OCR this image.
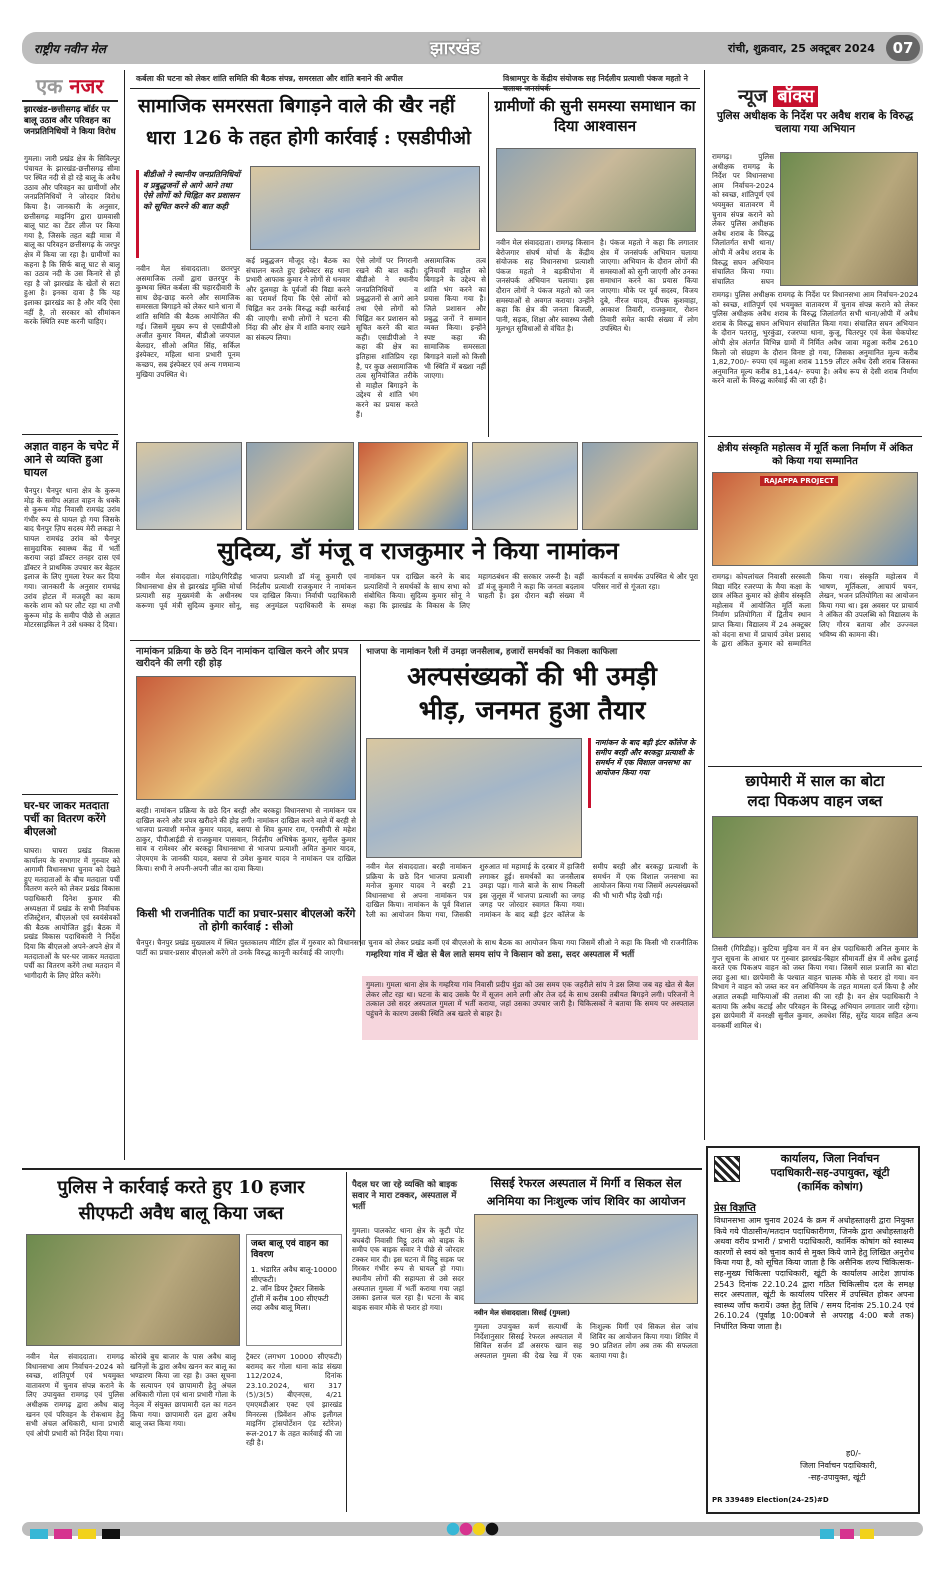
राष्ट्रीय नवीन मेल	झारखंड	रांची, शुक्रवार, 25 अक्टूबर 2024	07
एक नजर
झारखंड-छत्तीसगढ़ बॉर्डर पर बालू उठाव और परिवहन का जनप्रतिनिधियों ने किया विरोध
गुमला। जारी प्रखंड क्षेत्र के सिविल्पुर पंचायत के झारखंड-छत्तीसगढ़ सीमा पर स्थित नदी से हो रहे बालू के अवैध उठाव और परिवहन का ग्रामीणों और जनप्रतिनिधियों ने जोरदार विरोध किया है। जानकारी के अनुसार, छत्तीसगढ़ माइनिंग द्वारा ग्रामवासी बालू घाट का टेंडर लीज पर किया गया है, जिसके तहत बड़ी मात्रा में बालू का परिवहन छत्तीसगढ़ के जरपुर क्षेत्र में किया जा रहा है। ग्रामीणों का कहना है कि सिर्फ बालू घाट से बालू का उठाव नदी के उस किनारे से हो रहा है जो झारखंड के खेतों से सटा हुआ है। इनका दावा है कि यह इलाका झारखंड का है और यदि ऐसा नहीं है, तो सरकार को सीमांकन करके स्थिति स्पष्ट करनी चाहिए।
अज्ञात वाहन के चपेट में आने से व्यक्ति हुआ घायल
चैनपुर। चैनपुर थाना क्षेत्र के कुरूम मोड़ के समीप अज्ञात वाहन के धक्के से कुरूम मोड़ निवासी रामचंद्र उरांव गंभीर रूप से घायल हो गया जिसके बाद चैनपुर ज़िप सदस्य मेरी लकड़ा ने घायल रामचंद्र उरांव को चैनपुर सामुदायिक स्वास्थ्य केंद्र में भर्ती कराया जहां डॉक्टर तनहर दास एवं डॉक्टर ने प्राथमिक उपचार कर बेहतर इलाज के लिए गुमला रेफर कर दिया गया। जानकारी के अनुसार रामचंद्र उरांव होटल में मजदूरी का काम करके शाम को घर लौट रहा था तभी कुरूम मोड़ के समीप पीछे से अज्ञात मोटरसाइकिल ने उसे धक्का दे दिया।
घर-घर जाकर मतदाता पर्ची का वितरण करेंगे बीएलओ
घाघरा। घाघरा प्रखंड विकास कार्यालय के सभागार में गुरुवार को आगामी विधानसभा चुनाव को देखते हुए मतदाताओं के बीच मतदाता पर्ची वितरण करने को लेकर प्रखंड विकास पदाधिकारी दिनेश कुमार की अध्यक्षता में प्रखंड के सभी निर्वाचक रजिस्ट्रेशन, बीएलओ एवं स्वयंसेवकों की बैठक आयोजित हुई। बैठक में प्रखंड विकास पदाधिकारी ने निर्देश दिया कि बीएलओ अपने-अपने क्षेत्र में मतदाताओं के घर-घर जाकर मतदाता पर्ची का वितरण करेंगे तथा मतदान में भागीदारी के लिए प्रेरित करेंगे।
कर्बला की घटना को लेकर शांति समिति की बैठक संपन्न, समरसता और शांति बनाने की अपील	विश्रामपुर के केंद्रीय संयोजक सह निर्दलीय प्रत्याशी पंकज महतो ने
सामाजिक समरसता बिगाड़ने वाले की खैर नहीं
धारा 126 के तहत होगी कार्रवाई : एसडीपीओ
बीडीओ ने स्थानीय जनप्रतिनिधियों व प्रबुद्धजनों से आगे आने तथा ऐसे लोगों को चिह्नित कर प्रशासन को सूचित करने की बात कही
नवीन मेल संवाददाता। छतरपुर असमाजिक तत्वों द्वारा छतरपुर के कुम्भवा स्थित कर्बला की चहारदीवारी के साथ छेड़-छाड़ करने और सामाजिक समरसता बिगाड़ने को लेकर थाने धाना में शांति समिति की बैठक आयोजित की गई। जिसमें मुख्य रूप से एसडीपीओ अजीत कुमार विमल, बीडीओ जयपाल बेलदार, सीओ अमित सिंह, सर्किल इंस्पेक्टर, महिला थाना प्रभारी पूनम कच्छप, सब इंस्पेक्टर एवं अन्य गणमान्य मुखिया उपस्थित थे।
कई प्रबुद्धजन मौजूद रहे। बैठक का संचालन करते हुए इंस्पेक्टर सह थाना प्रभारी आफाक कुमार ने लोगों से धनवार और दुलमहा के पूर्वजों की विद्या करने का परामर्श दिया कि ऐसे लोगों को चिह्नित कर उनके विरुद्ध कड़ी कार्रवाई की जाएगी। सभी लोगों ने घटना की निंदा की और क्षेत्र में शांति बनाए रखने का संकल्प लिया।
ऐसे लोगों पर निगरानी रखने की बात कही। बीडीओ ने स्थानीय जनप्रतिनिधियों व प्रबुद्धजनों से आगे आने तथा ऐसे लोगों को चिह्नित कर प्रशासन को सूचित करने की बात कही। एसडीपीओ ने कहा की क्षेत्र का इतिहास शांतिप्रिय रहा है, पर कुछ असामाजिक तत्व सुनियोजित तरीके से माहौल बिगाड़ने के उद्देश्य से शांति भंग करने का प्रयास करते हैं।
असामाजिक तत्व दुनियावी माहौल को बिगाड़ने के उद्देश्य से शांति भंग करने का प्रयास किया गया है। जिले प्रशासन और प्रबुद्ध जनों ने सम्मान व्यक्त किया। इन्होंने स्पष्ट कहा की सामाजिक समरसता बिगाड़ने वालों को किसी भी स्थिति में बख्शा नहीं जाएगा।
ग्रामीणों की सुनी समस्या समाधान का दिया आश्वासन
नवीन मेल संवाददाता। रामगढ़ किसान बेरोजगार संघर्ष मोर्चा के केंद्रीय संयोजक सह विधानसभा प्रत्याशी पंकज महतो ने बड़कीपोना में जनसंपर्क अभियान चलाया। इस दौरान लोगों ने पंकज महतो को जन समस्याओं से अवगत कराया। उन्होंने कहा कि क्षेत्र की जनता बिजली, पानी, सड़क, शिक्षा और स्वास्थ्य जैसी मूलभूत सुविधाओं से वंचित है।
है। पंकज महतो ने कहा कि लगातार क्षेत्र में जनसंपर्क अभियान चलाया जाएगा। अभियान के दौरान लोगों की समस्याओं को सुनी जाएगी और उनका समाधान करने का प्रयास किया जाएगा। मौके पर पूर्व सदस्य, विजय दुबे, नीरज यादव, दीपक कुशवाहा, आकाश तिवारी, राजकुमार, रोशन तिवारी समेत काफी संख्या में लोग उपस्थित थे।
न्यूज बॉक्स
पुलिस अधीक्षक के निर्देश पर अवैध शराब के विरुद्ध चलाया गया अभियान
रामगढ़। पुलिस अधीक्षक रामगढ़ के निर्देश पर विधानसभा आम निर्वाचन-2024 को स्वच्छ, शांतिपूर्ण एवं भयमुक्त वातावरण में चुनाव संपन्न कराने को लेकर पुलिस अधीक्षक अवैध शराब के विरुद्ध जिलांतर्गत सभी थाना/ओपी में अवैध शराब के विरुद्ध सघन अभियान संचालित किया गया। संचालित सघन
रामगढ़। पुलिस अधीक्षक रामगढ़ के निर्देश पर विधानसभा आम निर्वाचन-2024 को स्वच्छ, शांतिपूर्ण एवं भयमुक्त वातावरण में चुनाव संपन्न कराने को लेकर पुलिस अधीक्षक अवैध शराब के विरुद्ध जिलांतर्गत सभी थाना/ओपी में अवैध शराब के विरुद्ध सघन अभियान संचालित किया गया। संचालित सघन अभियान के दौरान पतरातु, भुरकुंडा, रजरप्पा थाना, कुजू, चितरपुर एवं केस चेकपोस्ट ओपी क्षेत्र अंतर्गत विभिन्न ग्रामों में निर्मित अवैध जावा महुआ करीब 2610 किलो जो संग्रहण के दौरान विनष्ट हो गया, जिसका अनुमानित मूल्य करीब 1,82,700/- रुपया एवं महुआ शराब 1159 लीटर अवैध देसी शराब जिसका अनुमानित मूल्य करीब 81,144/- रुपया है। अवैध रूप से देसी शराब निर्माण करने वालों के विरुद्ध कार्रवाई की जा रही है।
सुदिव्य, डॉ मंजू व राजकुमार ने किया नामांकन
नवीन मेल संवाददाता। गांडेय/गिरिडीह विधानसभा क्षेत्र से झारखंड मुक्ति मोर्चा प्रत्याशी सह मुख्यमंत्री के अधीनस्थ करूणा पूर्व मंत्री सुदिव्य कुमार सोनू, भाजपा प्रत्याशी डॉ मंजू कुमारी एवं निर्दलीय प्रत्याशी राजकुमार ने नामांकन पत्र दाखिल किया। निर्वाची पदाधिकारी सह अनुमंडल पदाधिकारी के समक्ष नामांकन पत्र दाखिल करने के बाद प्रत्याशियों ने समर्थकों के साथ सभा को संबोधित किया। सुदिव्य कुमार सोनू ने कहा कि झारखंड के विकास के लिए महागठबंधन की सरकार जरूरी है। वहीं डॉ मंजू कुमारी ने कहा कि जनता बदलाव चाहती है। इस दौरान बड़ी संख्या में कार्यकर्ता व समर्थक उपस्थित थे और पूरा परिसर नारों से गूंजता रहा।
क्षेत्रीय संस्कृति महोत्सव में मूर्ति कला निर्माण में अंकित को किया गया सम्मानित
RAJAPPA PROJECT
रामगढ़। कोयलांचल निवासी सरस्वती विद्या मंदिर रजरप्पा के मैया कक्षा के छात्र अंकित कुमार को क्षेत्रीय संस्कृति महोत्सव में आयोजित मूर्ति कला निर्माण प्रतियोगिता में द्वितीय स्थान प्राप्त किया। विद्यालय में 24 अक्टूबर को वंदना सभा में प्राचार्य उमेश प्रसाद के द्वारा अंकित कुमार को सम्मानित किया गया। संस्कृति महोत्सव में भाषण, मूर्तिकला, आचार्य चयन, लेखन, भजन प्रतियोगिता का आयोजन किया गया था। इस अवसर पर प्राचार्य ने अंकित की उपलब्धि को विद्यालय के लिए गौरव बताया और उज्ज्वल भविष्य की कामना की।
नामांकन प्रक्रिया के छठे दिन नामांकन दाखिल करने और प्रपत्र खरीदने की लगी रही होड़
बरही। नामांकन प्रक्रिया के छठे दिन बरही और बरकट्ठा विधानसभा से नामांकन पत्र दाखिल करने और प्रपत्र खरीदने की होड़ लगी। नामांकन दाखिल करने वाले में बरही से भाजपा प्रत्याशी मनोज कुमार यादव, बसपा से शिव कुमार राम, एनसीपी से महेश ठाकुर, पीपीआईडी से राजकुमार पासवान, निर्दलीय अभिषेक कुमार, सुनील कुमार साव व रामेश्वर और बरकट्ठा विधानसभा से भाजपा प्रत्याशी अमित कुमार यादव, जेएमएम के जानकी यादव, बसपा से उमेश कुमार यादव ने नामांकन पत्र दाखिल किया। सभी ने अपनी-अपनी जीत का दावा किया।
भाजपा के नामांकन रैली में उमड़ा जनसैलाब, हजारों समर्थकों का निकला काफिला
अल्पसंख्यकों की भी उमड़ी
भीड़, जनमत हुआ तैयार
नामांकन के बाद बड़ी इंटर कॉलेज के समीप बरही और बरकट्ठा प्रत्याशी के समर्थन में एक विशाल जनसभा का आयोजन किया गया
नवीन मेल संवाददाता। बरही नामांकन प्रक्रिया के छठे दिन भाजपा प्रत्याशी मनोज कुमार यादव ने बरही 21 विधानसभा से अपना नामांकन पत्र दाखिल किया। नामांकन के पूर्व विशाल रैली का आयोजन किया गया, जिसकी शुरुआत मां महामाई के दरबार में हाजिरी लगाकर हुई। समर्थकों का जनसैलाब उमड़ा पड़ा। गाजे बाजे के साथ निकली इस जुलूस में भाजपा प्रत्याशी का जगह जगह पर जोरदार स्वागत किया गया। नामांकन के बाद बड़ी इंटर कॉलेज के समीप बरही और बरकट्ठा प्रत्याशी के समर्थन में एक विशाल जनसभा का आयोजन किया गया जिसमें अल्पसंख्यकों की भी भारी भीड़ देखी गई।
किसी भी राजनीतिक पार्टी का प्रचार-प्रसार बीएलओ करेंगे तो होगी कार्रवाई : सीओ
चैनपुर। चैनपुर प्रखंड मुख्यालय में स्थित पुस्तकालय मीटिंग हॉल में गुरुवार को विधानसभा चुनाव को लेकर प्रखंड कर्मी एवं बीएलओ के साथ बैठक का आयोजन किया गया जिसमें सीओ ने कहा कि किसी भी राजनीतिक पार्टी का प्रचार-प्रसार बीएलओ करेंगे तो उनके विरुद्ध कानूनी कार्रवाई की जाएगी।	गम्हरिया गांव में खेत से बैल लाते समय सांप ने किसान को डसा, सदर अस्पताल में भर्ती
गुमला। गुमला थाना क्षेत्र के गम्हरिया गांव निवासी प्रदीप मुंडा को उस समय एक जहरीले सांप ने डस लिया जब वह खेत से बैल लेकर लौट रहा था। घटना के बाद उसके पैर में सूजन आने लगी और तेज दर्द के साथ उसकी तबीयत बिगड़ने लगी। परिजनों ने तत्काल उसे सदर अस्पताल गुमला में भर्ती कराया, जहां उसका उपचार जारी है। चिकित्सकों ने बताया कि समय पर अस्पताल पहुंचने के कारण उसकी स्थिति अब खतरे से बाहर है।
छापेमारी में साल का बोटा
लदा पिकअप वाहन जब्त
तिसरी (गिरिडीह)। कुटिया मुड़िया वन में वन क्षेत्र पदाधिकारी अनिल कुमार के गुप्त सूचना के आधार पर गुरुवार झारखंड-बिहार सीमावर्ती क्षेत्र में अवैध ढुलाई करते एक पिकअप वाहन को जब्त किया गया। जिसमें साल प्रजाति का बोटा लदा हुआ था। छापेमारी के पश्चात वाहन चालक मौके से फरार हो गया। वन विभाग ने वाहन को जब्त कर वन अधिनियम के तहत मामला दर्ज किया है और अज्ञात लकड़ी माफियाओं की तलाश की जा रही है। वन क्षेत्र पदाधिकारी ने बताया कि अवैध कटाई और परिवहन के विरुद्ध अभियान लगातार जारी रहेगा। इस छापेमारी में वनरक्षी सुनील कुमार, अवधेश सिंह, सुरेंद्र यादव सहित अन्य वनकर्मी शामिल थे।
पुलिस ने कार्रवाई करते हुए 10 हजार
सीएफटी अवैध बालू किया जब्त
जब्त बालू एवं वाहन का विवरण
1. भंडारित अवैध बालू-10000 सीएफटी।
2. जॉन डियर ट्रैक्टर जिसके ट्रॉली में करीब 100 सीएफटी लदा अवैध बालू मिला।
नवीन मेल संवाददाता। रामगढ़ विधानसभा आम निर्वाचन-2024 को स्वच्छ, शांतिपूर्ण एवं भयमुक्त वातावरण में चुनाव संपन्न कराने के लिए उपायुक्त रामगढ़ एवं पुलिस अधीक्षक रामगढ़ द्वारा अवैध बालू खनन एवं परिवहन के रोकथाम हेतु सभी अंचल अधिकारी, थाना प्रभारी एवं ओपी प्रभारी को निर्देश दिया गया।
कोरांबे बुच बाजार के पास अवैध बालू खनिज़ों के द्वारा अवैध खनन कर बालू का भण्डारण किया जा रहा है। उक्त सूचना के सत्यापन एवं छापामारी हेतु अंचल अधिकारी गोला एवं थाना प्रभारी गोला के नेतृत्व में संयुक्त छापामारी दल का गठन किया गया। छापामारी दल द्वारा अवैध बालू जब्त किया गया।
ट्रैक्टर (लगभग 10000 सीएफटी) बरामद कर गोला थाना कांड संख्या 112/2024, दिनांक 23.10.2024, धारा 317 (5)/3(5) बीएनएस, 4/21 एमएमडीआर एक्ट एवं झारखंड मिनरल्स (प्रिवेंशन ऑफ इलीगल माइनिंग ट्रांसपोर्टेशन एंड स्टोरेज) रूल-2017 के तहत कार्रवाई की जा रही है।
पैदल घर जा रहे व्यक्ति को बाइक सवार ने मारा टक्कर, अस्पताल में भर्ती
गुमला। पालकोट थाना क्षेत्र के कूटी पोट बघबंदी निवासी मिट्ठू उरांव को बाइक के समीप एक बाइक सवार ने पीछे से जोरदार टक्कर मार दी। इस घटना में मिट्ठू सड़क पर गिरकर गंभीर रूप से घायल हो गया। स्थानीय लोगों की सहायता से उसे सदर अस्पताल गुमला में भर्ती कराया गया जहां उसका इलाज चल रहा है। घटना के बाद बाइक सवार मौके से फरार हो गया।
सिसई रेफरल अस्पताल में मिर्गी व सिकल सेल
अनिमिया का निःशुल्क जांच शिविर का आयोजन
नवीन मेल संवाददाता। सिसई (गुमला)
गुमला उपायुक्त कर्ण सत्यार्थी के निर्देशानुसार सिसई रेफरल अस्पताल में सिविल सर्जन डॉ असरफ खान सह अस्पताल गुमला की देख रेख में एक निःशुल्क मिर्गी एवं सिकल सेल जांच शिविर का आयोजन किया गया। शिविर में 90 प्रतिशत लोग अब तक की सफलता बताया गया है।
कार्यालय, जिला निर्वाचन
पदाधिकारी-सह-उपायुक्त, खूंटी
(कार्मिक कोषांग)
प्रेस विज्ञप्ति
विधानसभा आम चुनाव 2024 के क्रम में अधोहस्ताक्षरी द्वारा नियुक्त किये गये पीठासीन/मतदान पदाधिकारीगण, जिनके द्वारा अधोहस्ताक्षरी अथवा वरीय प्रभारी / प्रभारी पदाधिकारी, कार्मिक कोषांग को स्वास्थ्य कारणों से स्वयं को चुनाव कार्य से मुक्त किये जाने हेतु लिखित अनुरोध किया गया है, को सूचित किया जाता है कि असैनिक शल्य चिकित्सक-सह-मुख्य चिकित्सा पदाधिकारी, खूंटी के कार्यालय आदेश ज्ञापांक 2543 दिनांक 22.10.24 द्वारा गठित चिकित्सीय दल के समक्ष सदर अस्पताल, खूंटी के कार्यालय परिसर में उपस्थित होकर अपना स्वास्थ्य जाँच करायें। उक्त हेतु तिथि / समय दिनांक 25.10.24 एवं 26.10.24 (पूर्वाह्न 10:00बजे से अपराह्न 4:00 बजे तक) निर्धारित किया जाता है।
ह0/-
जिला निर्वाचन पदाधिकारी,
-सह-उपायुक्त, खूंटी
PR 339489 Election(24-25)#D
